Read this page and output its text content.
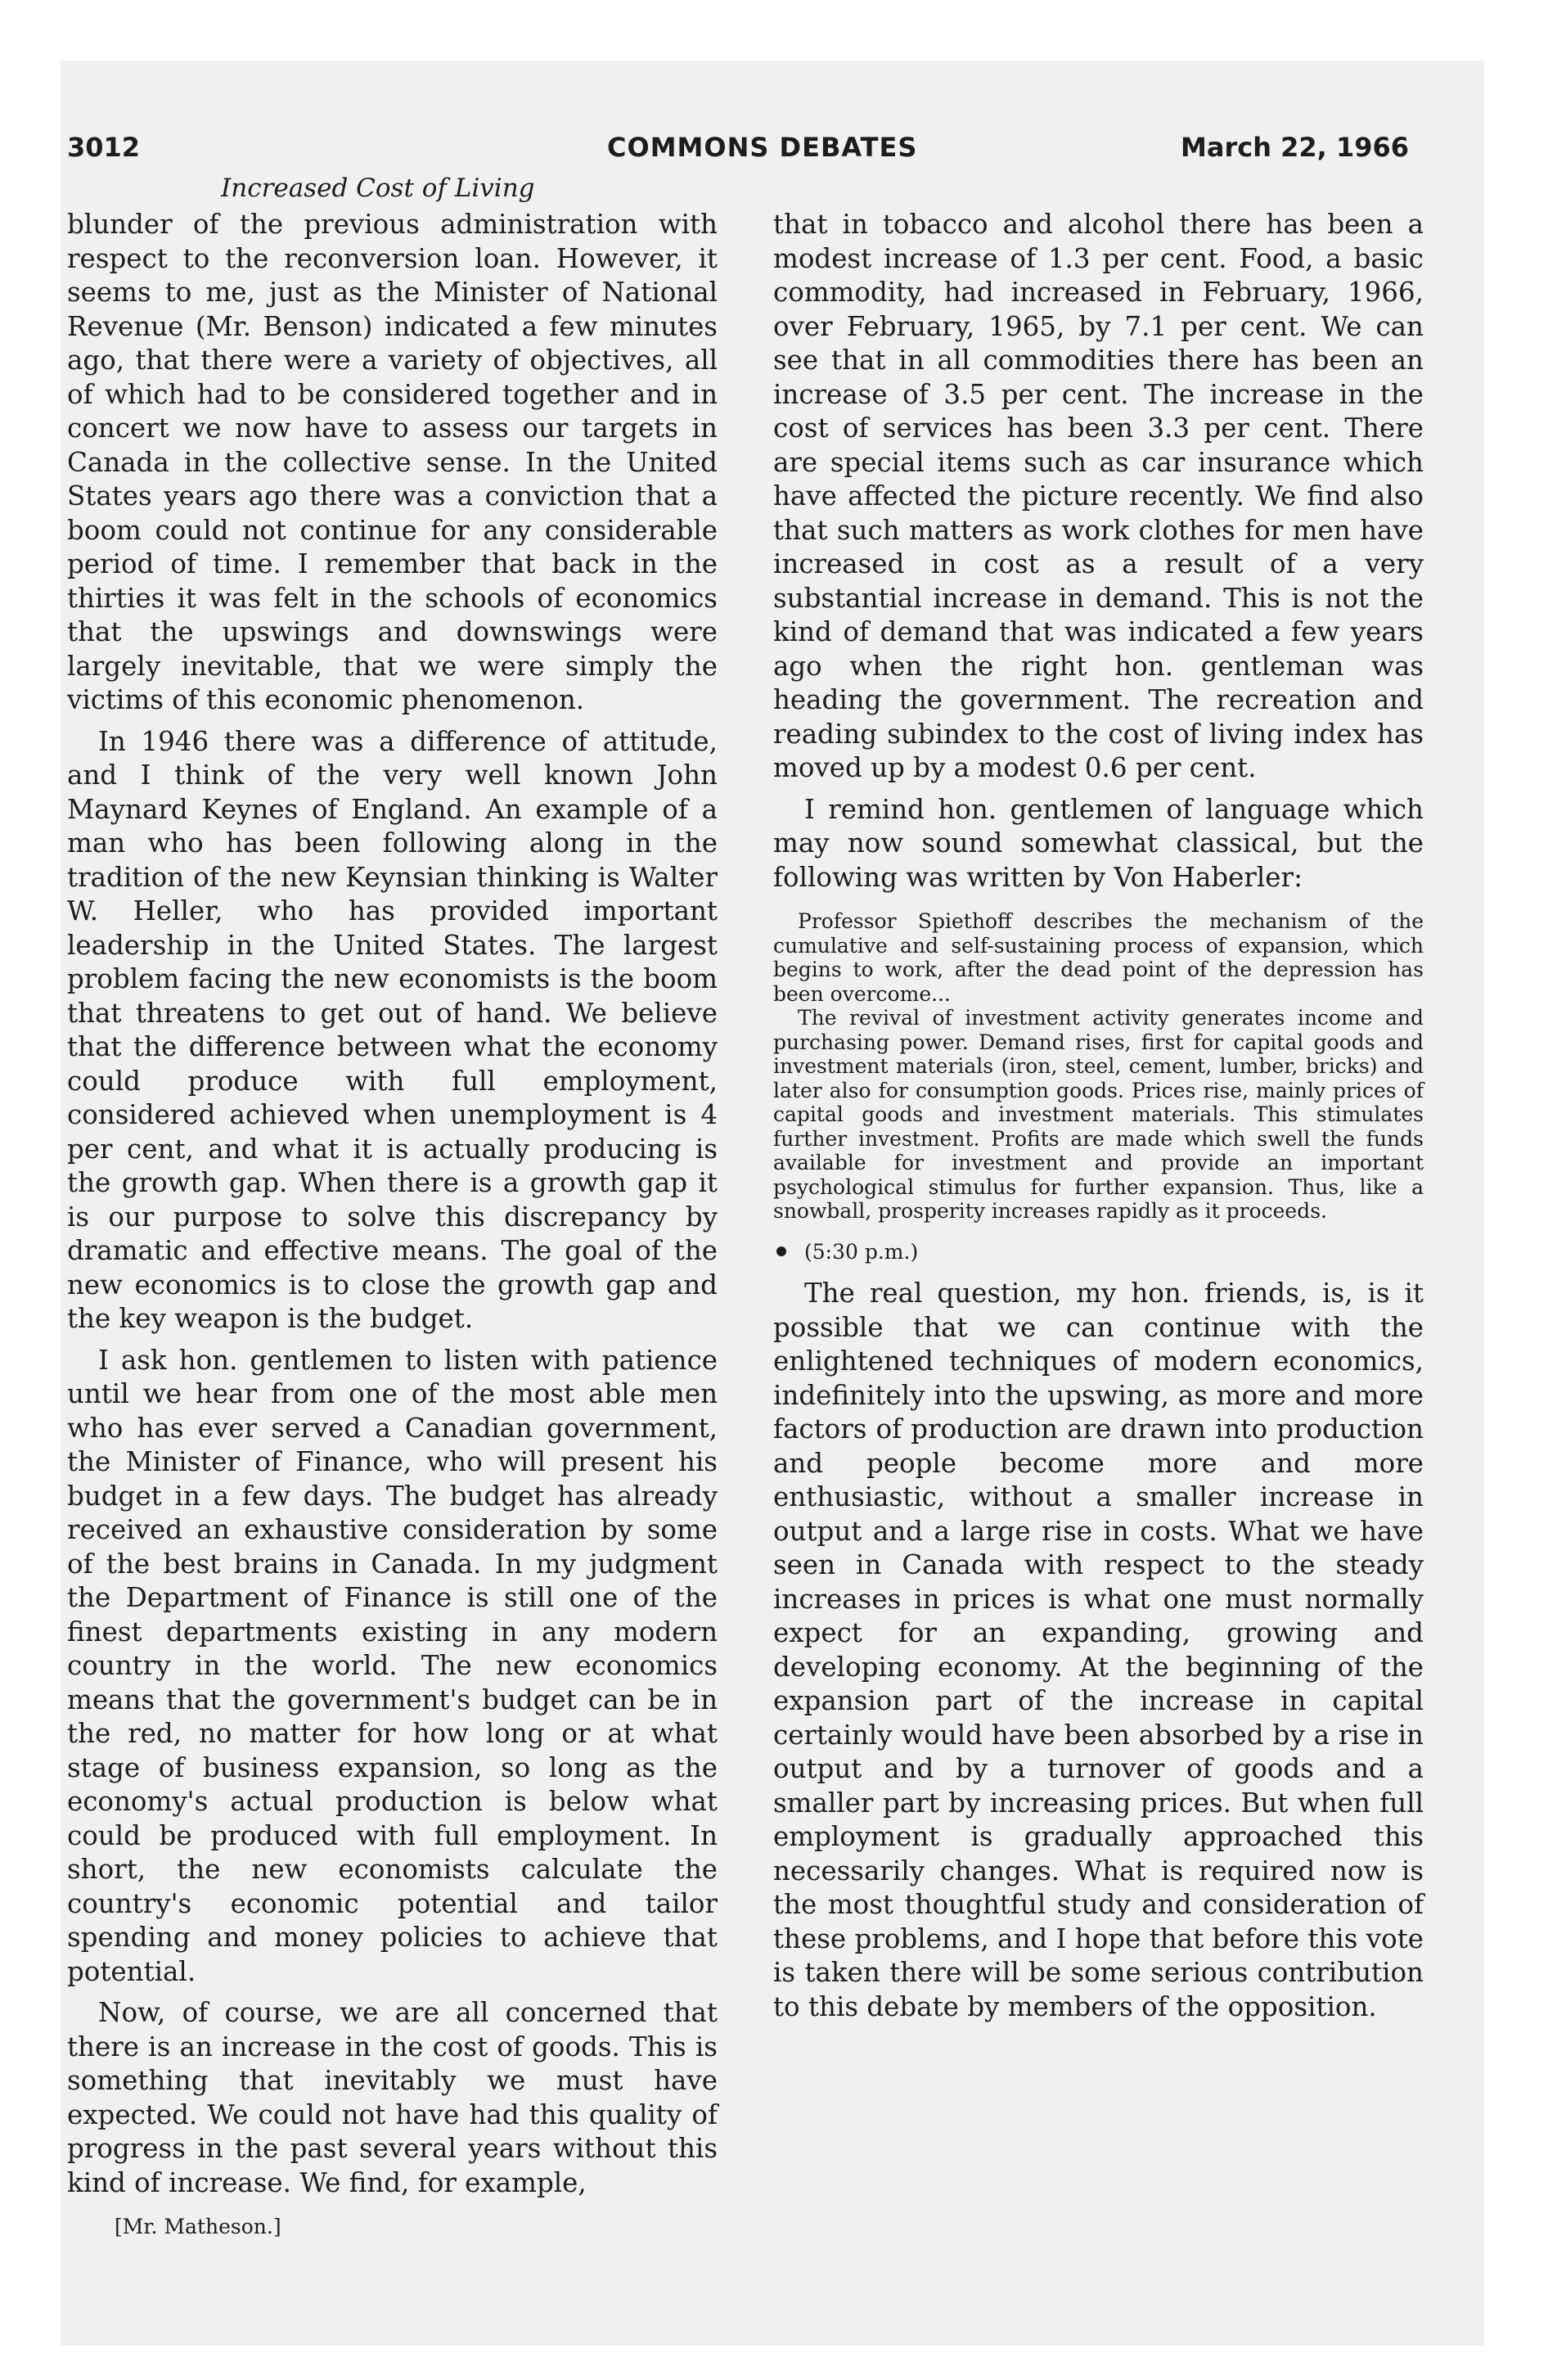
3012	COMMONS DEBATES	March 22, 1966
Increased Cost of Living

blunder of the previous administration with respect to the reconversion loan. However, it seems to me, just as the Minister of National Revenue (Mr. Benson) indicated a few minutes ago, that there were a variety of objectives, all of which had to be considered together and in concert we now have to assess our targets in Canada in the collective sense. In the United States years ago there was a conviction that a boom could not continue for any considerable period of time. I remember that back in the thirties it was felt in the schools of economics that the upswings and downswings were largely inevitable, that we were simply the victims of this economic phenomenon.

In 1946 there was a difference of attitude, and I think of the very well known John Maynard Keynes of England. An example of a man who has been following along in the tradition of the new Keynsian thinking is Walter W. Heller, who has provided important leadership in the United States. The largest problem facing the new economists is the boom that threatens to get out of hand. We believe that the difference between what the economy could produce with full employment, considered achieved when unemployment is 4 per cent, and what it is actually producing is the growth gap. When there is a growth gap it is our purpose to solve this discrepancy by dramatic and effective means. The goal of the new economics is to close the growth gap and the key weapon is the budget.

I ask hon. gentlemen to listen with patience until we hear from one of the most able men who has ever served a Canadian government, the Minister of Finance, who will present his budget in a few days. The budget has already received an exhaustive consideration by some of the best brains in Canada. In my judgment the Department of Finance is still one of the finest departments existing in any modern country in the world. The new economics means that the government's budget can be in the red, no matter for how long or at what stage of business expansion, so long as the economy's actual production is below what could be produced with full employment. In short, the new economists calculate the country's economic potential and tailor spending and money policies to achieve that potential.

Now, of course, we are all concerned that there is an increase in the cost of goods. This is something that inevitably we must have expected. We could not have had this quality of progress in the past several years without this kind of increase. We find, for example,

[Mr. Matheson.]

that in tobacco and alcohol there has been a modest increase of 1.3 per cent. Food, a basic commodity, had increased in February, 1966, over February, 1965, by 7.1 per cent. We can see that in all commodities there has been an increase of 3.5 per cent. The increase in the cost of services has been 3.3 per cent. There are special items such as car insurance which have affected the picture recently. We find also that such matters as work clothes for men have increased in cost as a result of a very substantial increase in demand. This is not the kind of demand that was indicated a few years ago when the right hon. gentleman was heading the government. The recreation and reading subindex to the cost of living index has moved up by a modest 0.6 per cent.

I remind hon. gentlemen of language which may now sound somewhat classical, but the following was written by Von Haberler:

Professor Spiethoff describes the mechanism of the cumulative and self-sustaining process of expansion, which begins to work, after the dead point of the depression has been overcome...

The revival of investment activity generates income and purchasing power. Demand rises, first for capital goods and investment materials (iron, steel, cement, lumber, bricks) and later also for consumption goods. Prices rise, mainly prices of capital goods and investment materials. This stimulates further investment. Profits are made which swell the funds available for investment and provide an important psychological stimulus for further expansion. Thus, like a snowball, prosperity increases rapidly as it proceeds.

(5:30 p.m.)

The real question, my hon. friends, is, is it possible that we can continue with the enlightened techniques of modern economics, indefinitely into the upswing, as more and more factors of production are drawn into production and people become more and more enthusiastic, without a smaller increase in output and a large rise in costs. What we have seen in Canada with respect to the steady increases in prices is what one must normally expect for an expanding, growing and developing economy. At the beginning of the expansion part of the increase in capital certainly would have been absorbed by a rise in output and by a turnover of goods and a smaller part by increasing prices. But when full employment is gradually approached this necessarily changes. What is required now is the most thoughtful study and consideration of these problems, and I hope that before this vote is taken there will be some serious contribution to this debate by members of the opposition.
